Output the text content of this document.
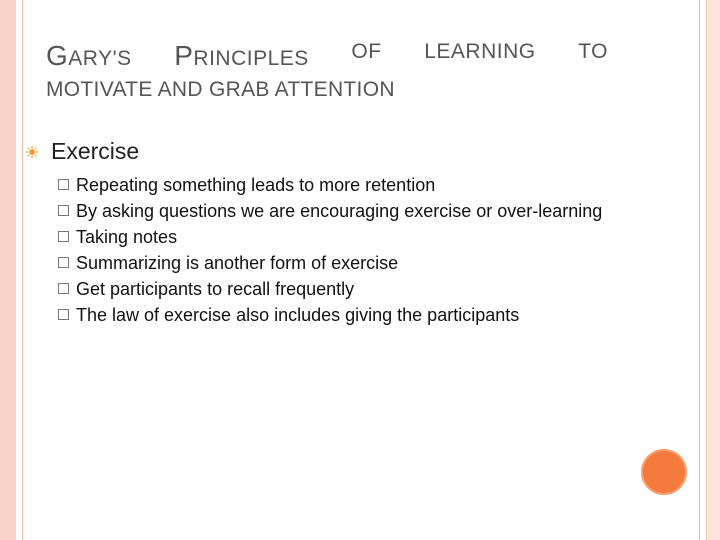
GARY'S PRINCIPLES OF LEARNING TO
MOTIVATE AND GRAB ATTENTION
Exercise
Repeating something leads to more retention
By asking questions we are encouraging exercise or over-learning
Taking notes
Summarizing is another form of exercise
Get participants to recall frequently
The law of exercise also includes giving the participants
